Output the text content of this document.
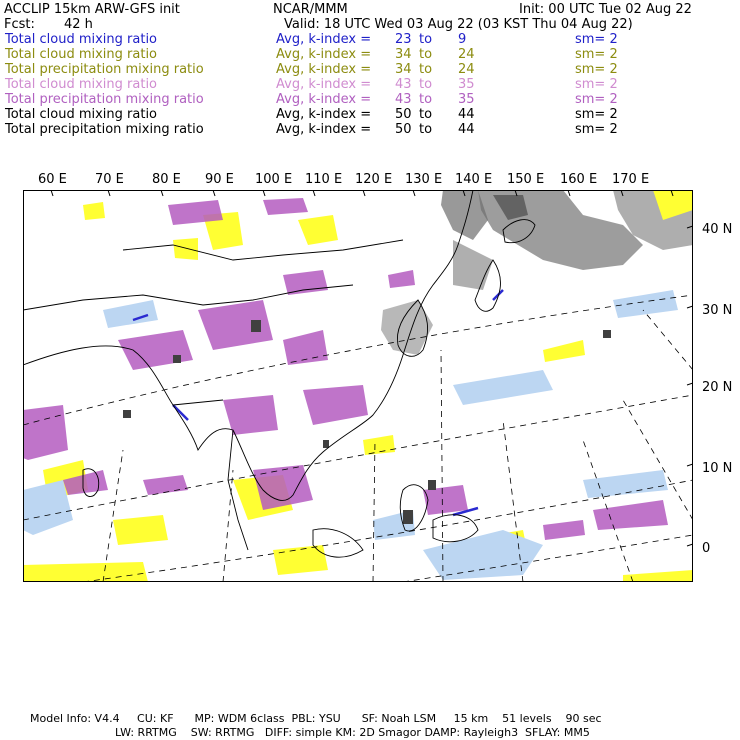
ACCLIP 15km ARW-GFS init	NCAR/MMM	Init: 00 UTC Tue 02 Aug 22
Fcst: 42 h	Valid: 18 UTC Wed 03 Aug 22 (03 KST Thu 04 Aug 22)
Total cloud mixing ratio	Avg, k-index = 23 to 9	sm= 2
Total cloud mixing ratio	Avg, k-index = 34 to 24	sm= 2
Total precipitation mixing ratio	Avg, k-index = 34 to 24	sm= 2
Total cloud mixing ratio	Avg, k-index = 43 to 35	sm= 2
Total precipitation mixing ratio	Avg, k-index = 43 to 35	sm= 2
Total cloud mixing ratio	Avg, k-index = 50 to 44	sm= 2
Total precipitation mixing ratio	Avg, k-index = 50 to 44	sm= 2
60 E 70 E 80 E 90 E 100 E 110 E 120 E 130 E 140 E 150 E 160 E 170 E
40 N
30 N
20 N
10 N
0
Model Info: V4.4     CU: KF      MP: WDM 6class  PBL: YSU      SF: Noah LSM     15 km    51 levels    90 sec
LW: RRTMG    SW: RRTMG   DIFF: simple KM: 2D Smagor DAMP: Rayleigh3  SFLAY: MM5
